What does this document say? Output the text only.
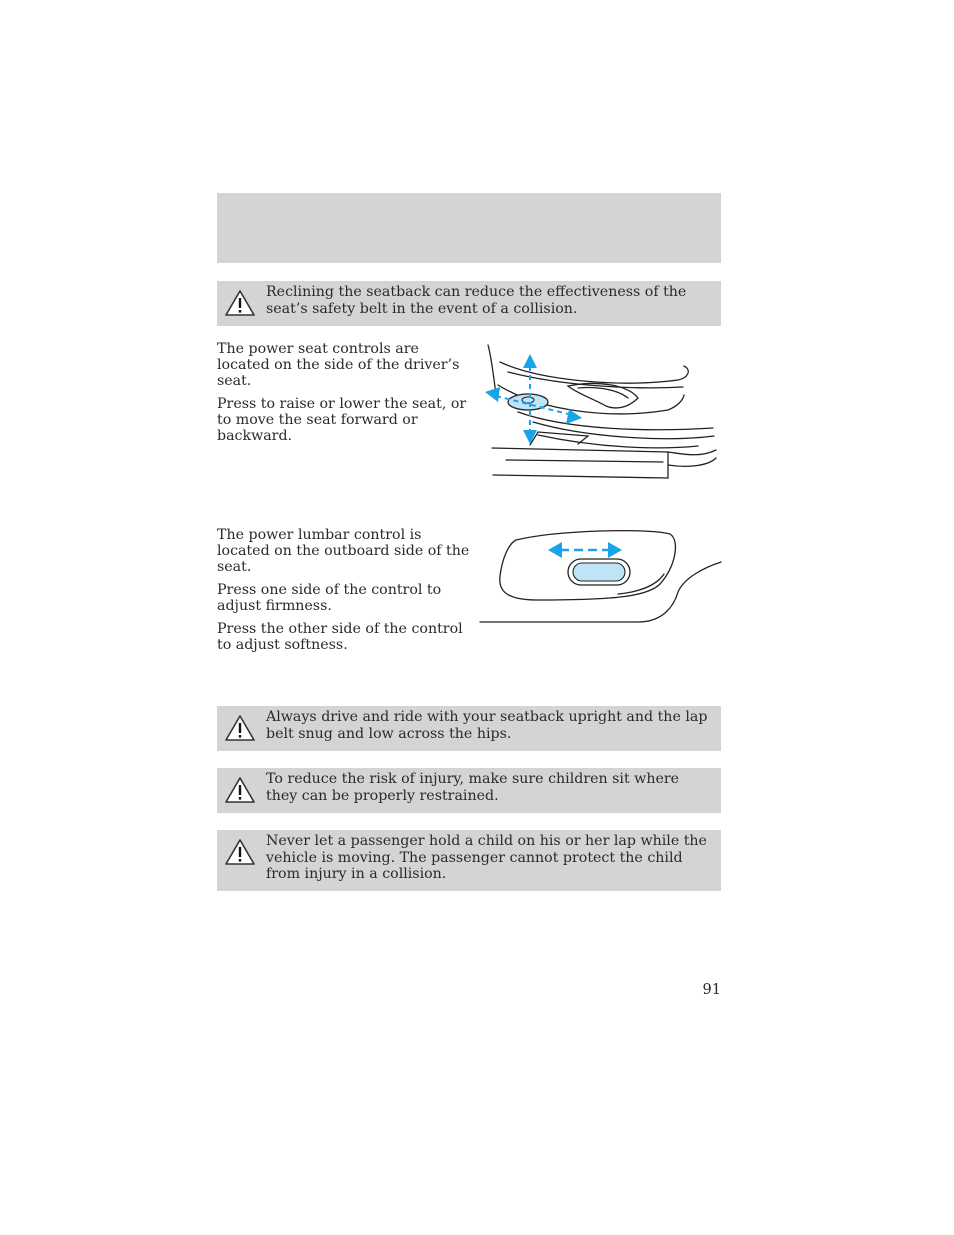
Reclining the seatback can reduce the effectiveness of the seat’s safety belt in the event of a collision.

The power seat controls are located on the side of the driver’s seat.

Press to raise or lower the seat, or to move the seat forward or backward.

The power lumbar control is located on the outboard side of the seat.

Press one side of the control to adjust firmness.

Press the other side of the control to adjust softness.

Always drive and ride with your seatback upright and the lap belt snug and low across the hips.
To reduce the risk of injury, make sure children sit where they can be properly restrained.
Never let a passenger hold a child on his or her lap while the vehicle is moving. The passenger cannot protect the child from injury in a collision.
91
